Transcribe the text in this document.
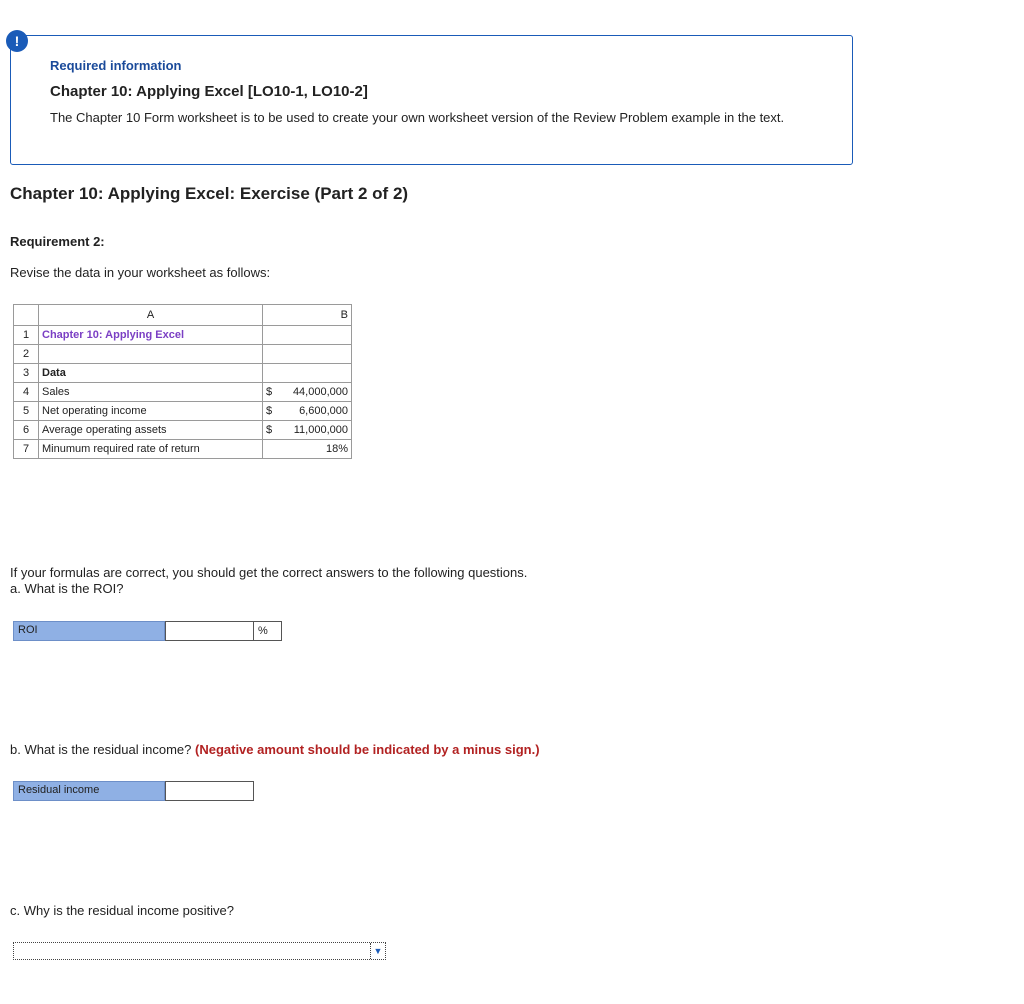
!
Required information
Chapter 10: Applying Excel [LO10-1, LO10-2]
The Chapter 10 Form worksheet is to be used to create your own worksheet version of the Review Problem example in the text.
Chapter 10: Applying Excel: Exercise (Part 2 of 2)
Requirement 2:
Revise the data in your worksheet as follows:
	A	B
1	Chapter 10: Applying Excel	
2		
3	Data	
4	Sales	$ 44,000,000

5	Net operating income	$ 6,600,000

6	Average operating assets	$ 11,000,000

7	Minumum required rate of return	18%
If your formulas are correct, you should get the correct answers to the following questions.
a. What is the ROI?
ROI	%
b. What is the residual income? (Negative amount should be indicated by a minus sign.)
Residual income
c. Why is the residual income positive?
▼
